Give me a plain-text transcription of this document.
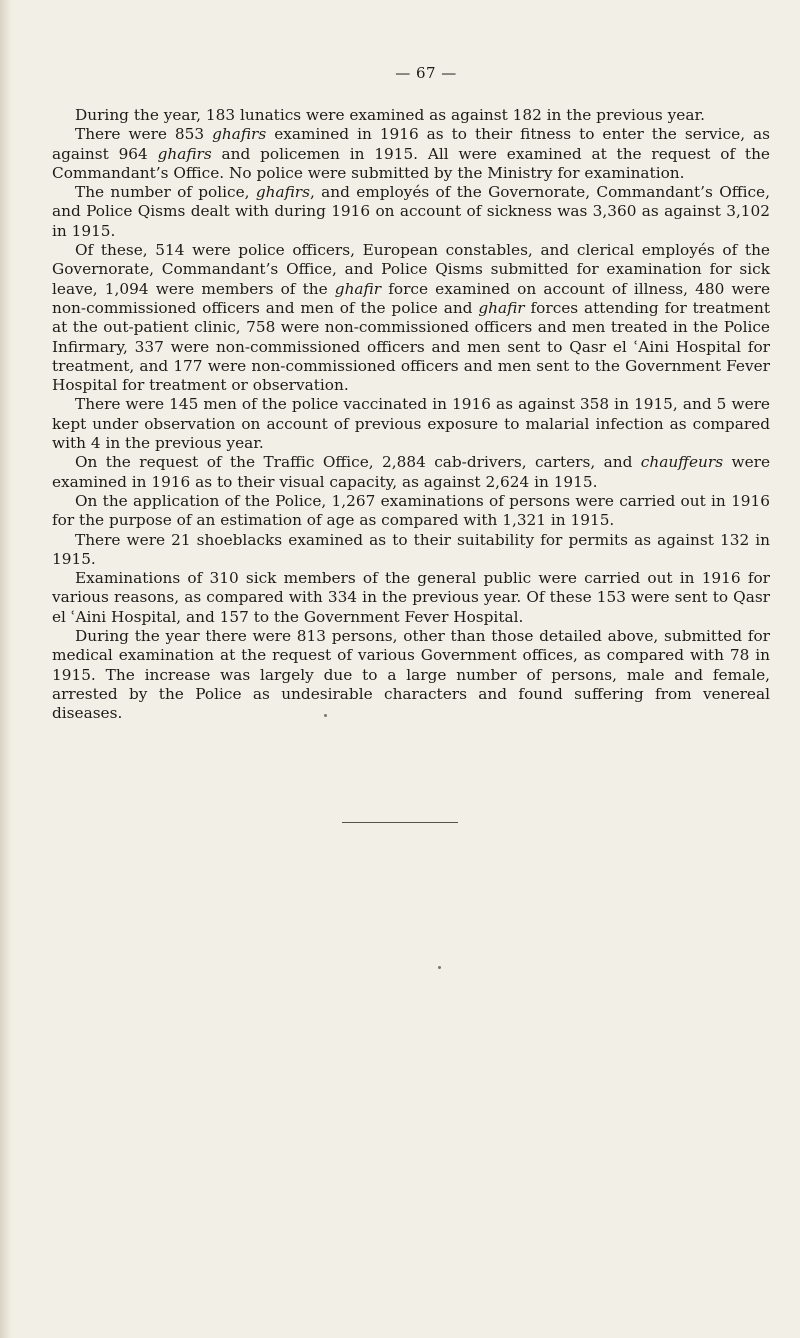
— 67 —

During the year, 183 lunatics were examined as against 182 in the previous year.

There were 853 ghafirs examined in 1916 as to their fitness to enter the service, as against 964 ghafirs and policemen in 1915. All were examined at the request of the Commandant’s Office. No police were submitted by the Ministry for examination.

The number of police, ghafirs, and employés of the Governorate, Commandant’s Office, and Police Qisms dealt with during 1916 on account of sickness was 3,360 as against 3,102 in 1915.

Of these, 514 were police officers, European constables, and clerical employés of the Governorate, Commandant’s Office, and Police Qisms submitted for examination for sick leave, 1,094 were members of the ghafir force examined on account of illness, 480 were non-commissioned officers and men of the police and ghafir forces attending for treatment at the out-patient clinic, 758 were non-commissioned officers and men treated in the Police Infirmary, 337 were non-commissioned officers and men sent to Qasr el ʿAini Hospital for treatment, and 177 were non-commissioned officers and men sent to the Government Fever Hospital for treatment or observation.

There were 145 men of the police vaccinated in 1916 as against 358 in 1915, and 5 were kept under observation on account of previous exposure to malarial infection as compared with 4 in the previous year.

On the request of the Traffic Office, 2,884 cab-drivers, carters, and chauffeurs were examined in 1916 as to their visual capacity, as against 2,624 in 1915.

On the application of the Police, 1,267 examinations of persons were carried out in 1916 for the purpose of an estimation of age as compared with 1,321 in 1915.

There were 21 shoeblacks examined as to their suitability for permits as against 132 in 1915.

Examinations of 310 sick members of the general public were carried out in 1916 for various reasons, as compared with 334 in the previous year. Of these 153 were sent to Qasr el ʿAini Hospital, and 157 to the Government Fever Hospital.

During the year there were 813 persons, other than those detailed above, submitted for medical examination at the request of various Government offices, as compared with 78 in 1915. The increase was largely due to a large number of persons, male and female, arrested by the Police as undesirable characters and found suffering from venereal diseases.
